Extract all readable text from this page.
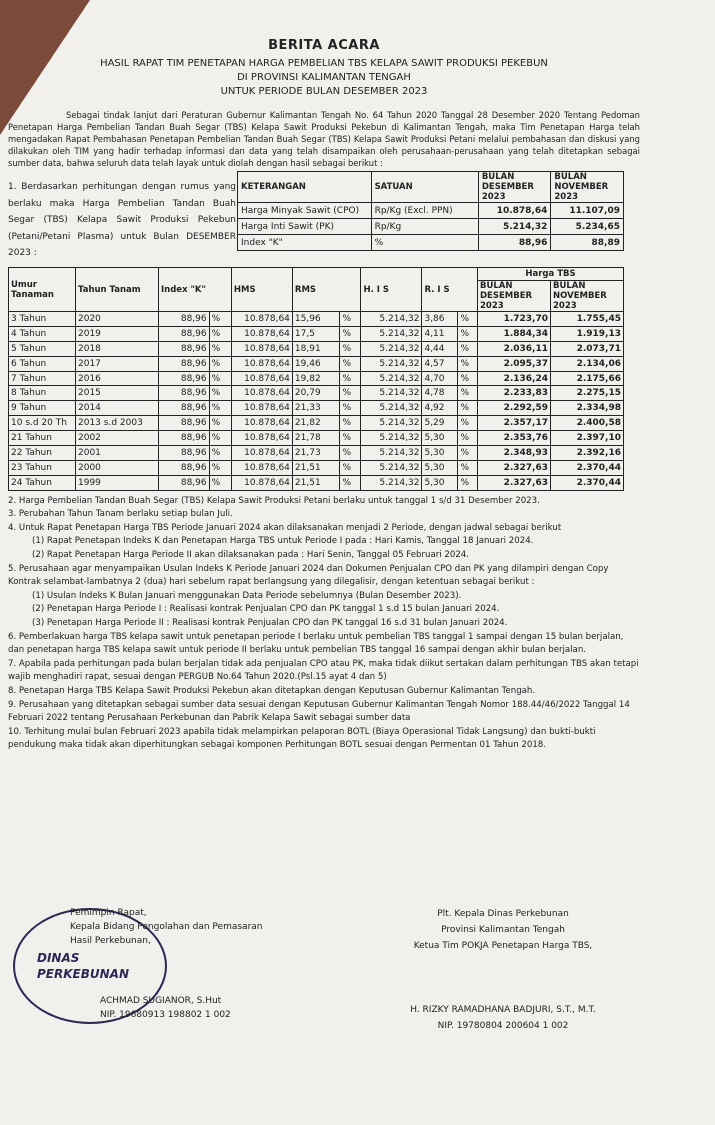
BERITA ACARA
HASIL RAPAT TIM PENETAPAN HARGA PEMBELIAN TBS KELAPA SAWIT PRODUKSI PEKEBUN
DI PROVINSI KALIMANTAN TENGAH
UNTUK PERIODE BULAN DESEMBER 2023
Sebagai tindak lanjut dari Peraturan Gubernur Kalimantan Tengah No. 64 Tahun 2020 Tanggal 28 Desember 2020 Tentang Pedoman Penetapan Harga Pembelian Tandan Buah Segar (TBS) Kelapa Sawit Produksi Pekebun di Kalimantan Tengah, maka Tim Penetapan Harga telah mengadakan Rapat Pembahasan Penetapan Pembelian Tandan Buah Segar (TBS) Kelapa Sawit Produksi Petani melalui pembahasan dan diskusi yang dilakukan oleh TIM yang hadir terhadap informasi dan data yang telah disampaikan oleh perusahaan-perusahaan yang telah ditetapkan sebagai sumber data, bahwa seluruh data telah layak untuk diolah dengan hasil sebagai berikut :
1. Berdasarkan perhitungan dengan rumus yang berlaku maka Harga Pembelian Tandan Buah Segar (TBS) Kelapa Sawit Produksi Pekebun (Petani/Petani Plasma) untuk Bulan DESEMBER 2023 :
KETERANGAN	SATUAN	BULAN DESEMBER 2023	BULAN NOVEMBER 2023
Harga Minyak Sawit (CPO)	Rp/Kg (Excl. PPN)	10.878,64	11.107,09
Harga Inti Sawit (PK)	Rp/Kg	5.214,32	5.234,65
Index "K"	%	88,96	88,89
Umur Tanaman	Tahun Tanam	Index "K"		HMS	RMS		H. I S	R. I S		Harga TBS	
										BULAN DESEMBER 2023	BULAN NOVEMBER 2023
3 Tahun	2020	88,96	%	10.878,64	15,96	%	5.214,32	3,86	%	1.723,70	1.755,45
4 Tahun	2019	88,96	%	10.878,64	17,5	%	5.214,32	4,11	%	1.884,34	1.919,13
5 Tahun	2018	88,96	%	10.878,64	18,91	%	5.214,32	4,44	%	2.036,11	2.073,71
6 Tahun	2017	88,96	%	10.878,64	19,46	%	5.214,32	4,57	%	2.095,37	2.134,06
7 Tahun	2016	88,96	%	10.878,64	19,82	%	5.214,32	4,70	%	2.136,24	2.175,66
8 Tahun	2015	88,96	%	10.878,64	20,79	%	5.214,32	4,78	%	2.233,83	2.275,15
9 Tahun	2014	88,96	%	10.878,64	21,33	%	5.214,32	4,92	%	2.292,59	2.334,98
10 s.d 20 Th	2013 s.d 2003	88,96	%	10.878,64	21,82	%	5.214,32	5,29	%	2.357,17	2.400,58
21 Tahun	2002	88,96	%	10.878,64	21,78	%	5.214,32	5,30	%	2.353,76	2.397,10
22 Tahun	2001	88,96	%	10.878,64	21,73	%	5.214,32	5,30	%	2.348,93	2.392,16
23 Tahun	2000	88,96	%	10.878,64	21,51	%	5.214,32	5,30	%	2.327,63	2.370,44
24 Tahun	1999	88,96	%	10.878,64	21,51	%	5.214,32	5,30	%	2.327,63	2.370,44

2. Harga Pembelian Tandan Buah Segar (TBS) Kelapa Sawit Produksi Petani berlaku untuk tanggal 1 s/d 31 Desember 2023.

3. Perubahan Tahun Tanam berlaku setiap bulan Juli.

4. Untuk Rapat Penetapan Harga TBS Periode Januari 2024 akan dilaksanakan menjadi 2 Periode, dengan jadwal sebagai berikut

(1) Rapat Penetapan Indeks K dan Penetapan Harga TBS untuk Periode I pada : Hari Kamis, Tanggal 18 Januari 2024.

(2) Rapat Penetapan Harga Periode II akan dilaksanakan pada : Hari Senin, Tanggal 05 Februari 2024.

5. Perusahaan agar menyampaikan Usulan Indeks K Periode Januari 2024 dan Dokumen Penjualan CPO dan PK yang dilampiri dengan Copy Kontrak selambat-lambatnya 2 (dua) hari sebelum rapat berlangsung yang dilegalisir, dengan ketentuan sebagai berikut :

(1) Usulan Indeks K Bulan Januari menggunakan Data Periode sebelumnya (Bulan Desember 2023).

(2) Penetapan Harga Periode I : Realisasi kontrak Penjualan CPO dan PK tanggal 1 s.d 15 bulan Januari 2024.

(3) Penetapan Harga Periode II : Realisasi kontrak Penjualan CPO dan PK tanggal 16 s.d 31 bulan Januari 2024.

6. Pemberlakuan harga TBS kelapa sawit untuk penetapan periode I berlaku untuk pembelian TBS tanggal 1 sampai dengan 15 bulan berjalan, dan penetapan harga TBS kelapa sawit untuk periode II berlaku untuk pembelian TBS tanggal 16 sampai dengan akhir bulan berjalan.

7. Apabila pada perhitungan pada bulan berjalan tidak ada penjualan CPO atau PK, maka tidak diikut sertakan dalam perhitungan TBS akan tetapi wajib menghadiri rapat, sesuai dengan PERGUB No.64 Tahun 2020.(Psl.15 ayat 4 dan 5)

8. Penetapan Harga TBS Kelapa Sawit Produksi Pekebun akan ditetapkan dengan Keputusan Gubernur Kalimantan Tengah.

9. Perusahaan yang ditetapkan sebagai sumber data sesuai dengan Keputusan Gubernur Kalimantan Tengah Nomor 188.44/46/2022 Tanggal 14 Februari 2022 tentang Perusahaan Perkebunan dan Pabrik Kelapa Sawit sebagai sumber data

10. Terhitung mulai bulan Februari 2023 apabila tidak melampirkan pelaporan BOTL (Biaya Operasional Tidak Langsung) dan bukti-bukti pendukung maka tidak akan diperhitungkan sebagai komponen Perhitungan BOTL sesuai dengan Permentan 01 Tahun 2018.

DINAS PERKEBUNAN
Pemimpin Rapat,
Kepala Bidang Pengolahan dan Pemasaran
Hasil Perkebunan,
ACHMAD SUGIANOR, S.Hut
NIP. 19680913 198802 1 002
Plt. Kepala Dinas Perkebunan
Provinsi Kalimantan Tengah
Ketua Tim POKJA Penetapan Harga TBS,
H. RIZKY RAMADHANA BADJURI, S.T., M.T.
NIP. 19780804 200604 1 002
